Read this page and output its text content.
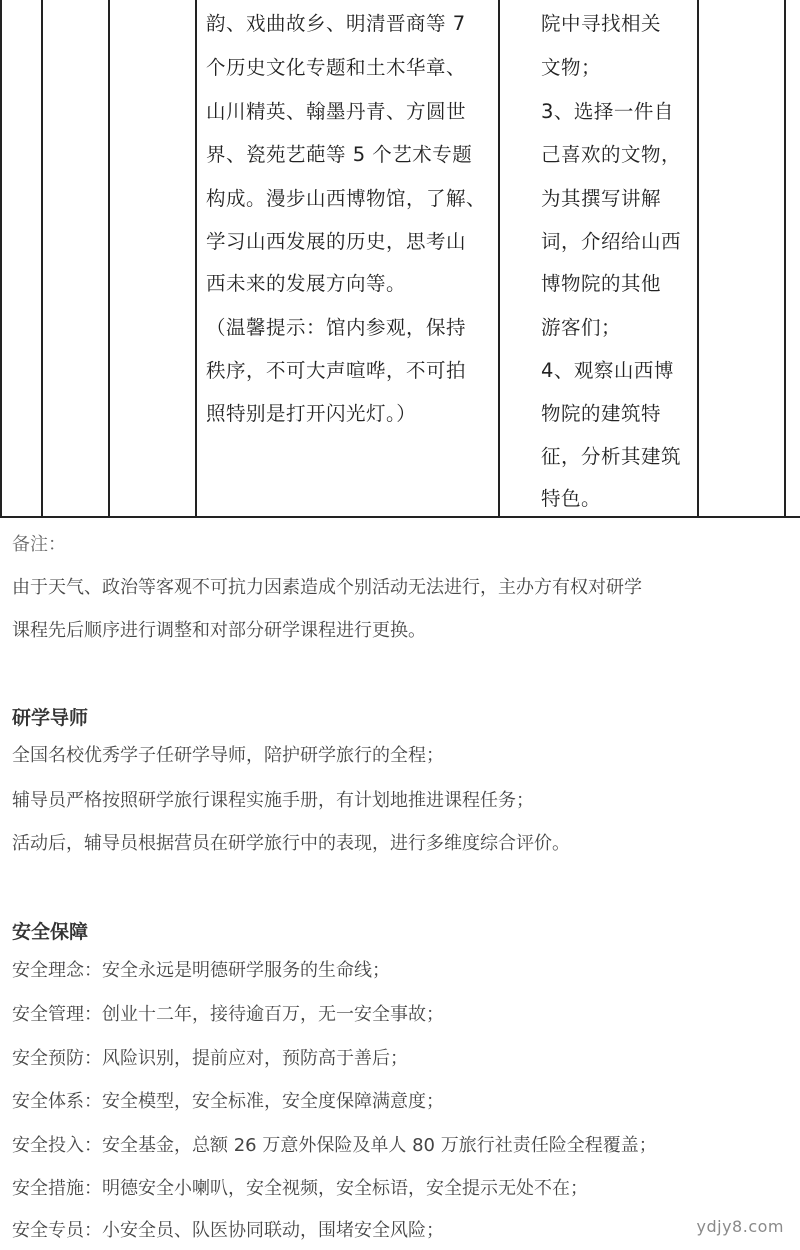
韵、戏曲故乡、明清晋商等 7
个历史文化专题和土木华章、
山川精英、翰墨丹青、方圆世
界、瓷苑艺葩等 5 个艺术专题
构成。漫步山西博物馆，了解、
学习山西发展的历史，思考山
西未来的发展方向等。
（温馨提示：馆内参观，保持
秩序，不可大声喧哗，不可拍
照特别是打开闪光灯。）
院中寻找相关
文物；
3、选择一件自
己喜欢的文物，
为其撰写讲解
词，介绍给山西
博物院的其他
游客们；
4、观察山西博
物院的建筑特
征，分析其建筑
特色。
备注：
由于天气、政治等客观不可抗力因素造成个别活动无法进行，主办方有权对研学
课程先后顺序进行调整和对部分研学课程进行更换。
研学导师
全国名校优秀学子任研学导师，陪护研学旅行的全程；
辅导员严格按照研学旅行课程实施手册，有计划地推进课程任务；
活动后，辅导员根据营员在研学旅行中的表现，进行多维度综合评价。
安全保障
安全理念：安全永远是明德研学服务的生命线；
安全管理：创业十二年，接待逾百万，无一安全事故；
安全预防：风险识别，提前应对，预防高于善后；
安全体系：安全模型，安全标准，安全度保障满意度；
安全投入：安全基金，总额 26 万意外保险及单人 80 万旅行社责任险全程覆盖；
安全措施：明德安全小喇叭，安全视频，安全标语，安全提示无处不在；
安全专员：小安全员、队医协同联动，围堵安全风险；	ydjy8.com
